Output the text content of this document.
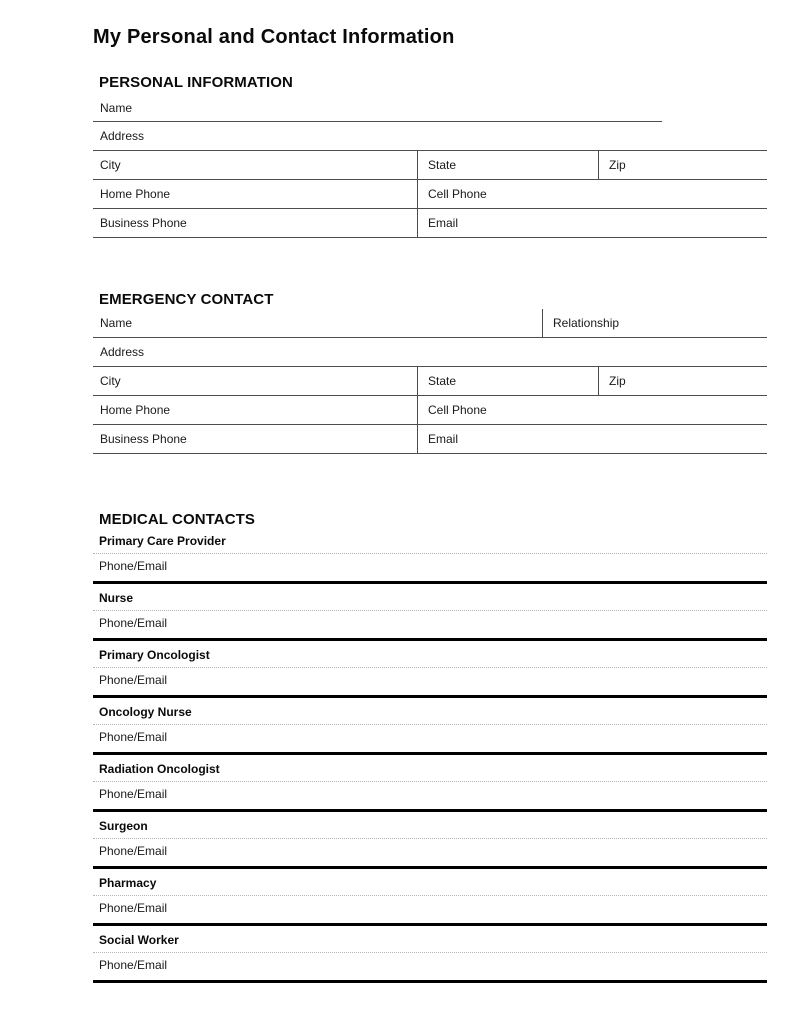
My Personal and Contact Information
PERSONAL INFORMATION
Name
Address
City	State	Zip
Home Phone	Cell Phone
Business Phone	Email
EMERGENCY CONTACT
Name	Relationship
Address
City	State	Zip
Home Phone	Cell Phone
Business Phone	Email
MEDICAL CONTACTS
Primary Care Provider
Phone/Email
Nurse
Phone/Email
Primary Oncologist
Phone/Email
Oncology Nurse
Phone/Email
Radiation Oncologist
Phone/Email
Surgeon
Phone/Email
Pharmacy
Phone/Email
Social Worker
Phone/Email
